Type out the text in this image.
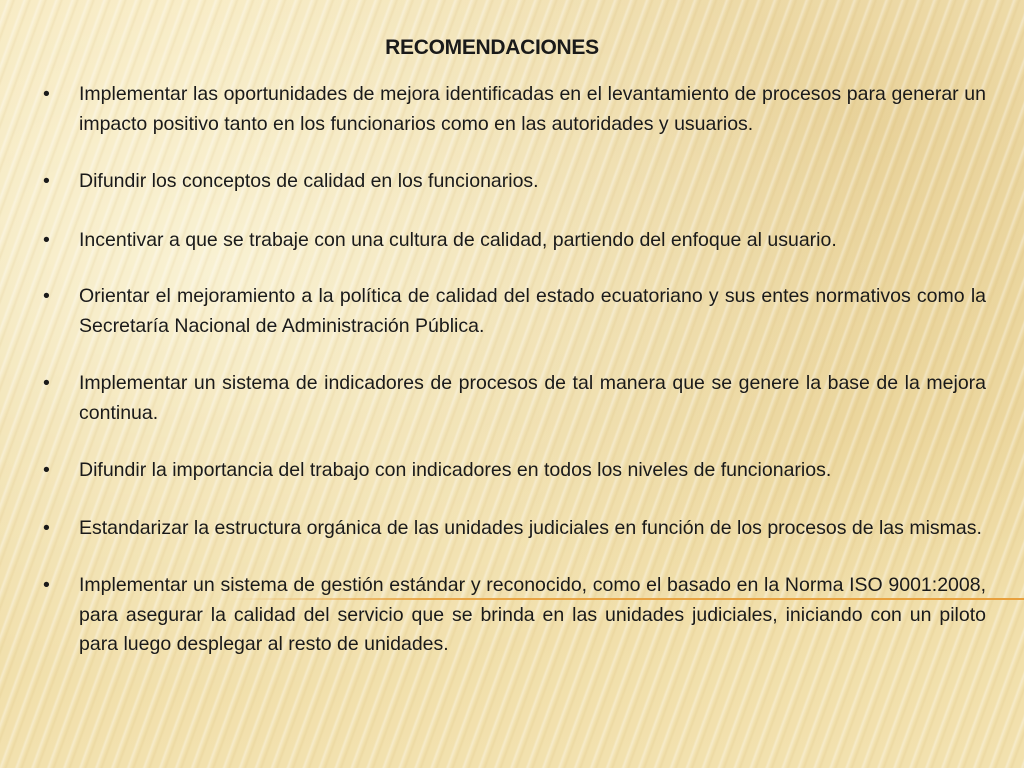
RECOMENDACIONES
• Implementar las oportunidades de mejora identificadas en el levantamiento de procesos para generar un impacto positivo tanto en los funcionarios como en las autoridades y usuarios.
• Difundir los conceptos de calidad en los funcionarios.
• Incentivar a que se trabaje con una cultura de calidad, partiendo del enfoque al usuario.
• Orientar el mejoramiento a la política de calidad del estado ecuatoriano y sus entes normativos como la Secretaría Nacional de Administración Pública.
• Implementar un sistema de indicadores de procesos de tal manera que se genere la base de la mejora continua.
• Difundir la importancia del trabajo con indicadores en todos los niveles de funcionarios.
• Estandarizar la estructura orgánica de las unidades judiciales en función de los procesos de las mismas.
• Implementar un sistema de gestión estándar y reconocido, como el basado en la Norma ISO 9001:2008, para asegurar la calidad del servicio que se brinda en las unidades judiciales, iniciando con un piloto para luego desplegar al resto de unidades.
